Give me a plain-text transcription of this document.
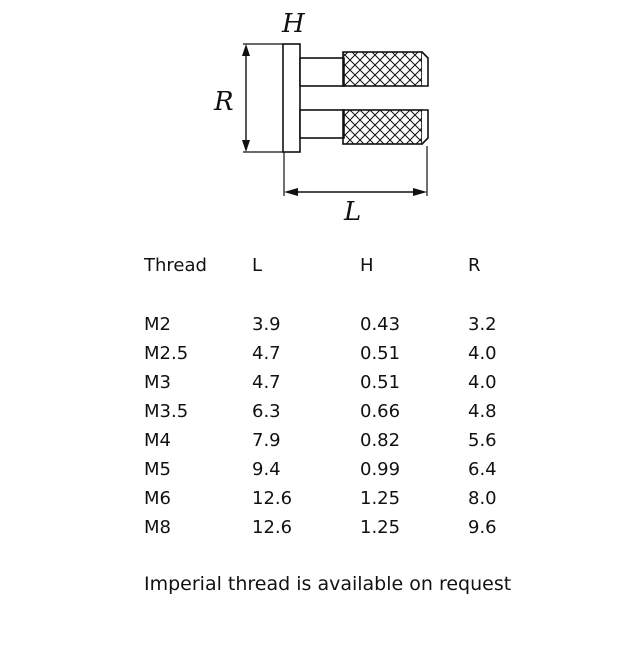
H
R
L
Thread	L	H	R

M2	3.9	0.43	3.2
M2.5	4.7	0.51	4.0
M3	4.7	0.51	4.0
M3.5	6.3	0.66	4.8
M4	7.9	0.82	5.6
M5	9.4	0.99	6.4
M6	12.6	1.25	8.0
M8	12.6	1.25	9.6

Imperial thread is available on request
